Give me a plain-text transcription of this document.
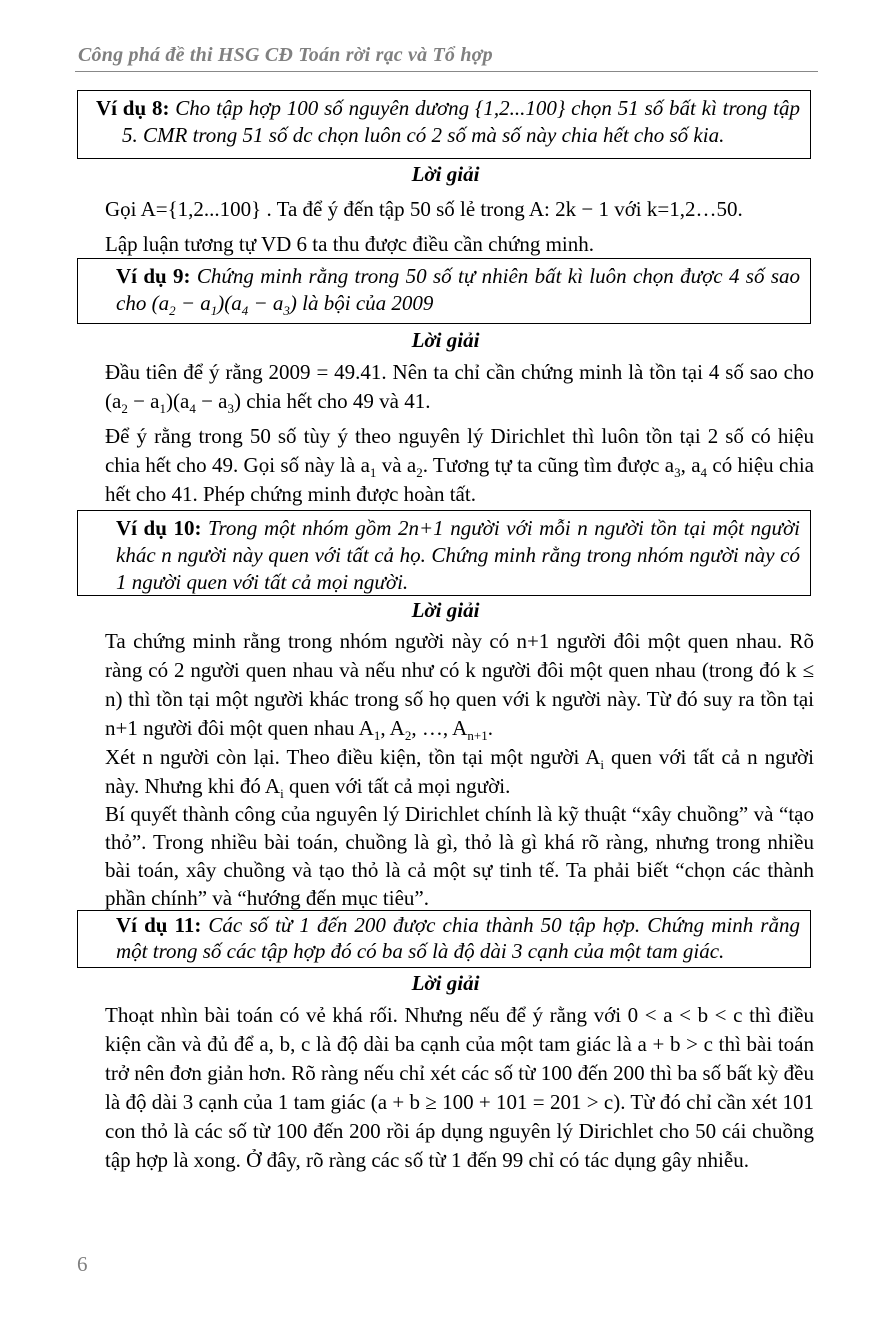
Công phá đề thi HSG CĐ Toán rời rạc và Tổ hợp
Ví dụ 8: Cho tập hợp 100 số nguyên dương {1,2...100} chọn 51 số bất kì trong tập 5. CMR trong 51 số dc chọn luôn có 2 số mà số này chia hết cho số kia.
Lời giải
Gọi A={1,2...100} . Ta để ý đến tập 50 số lẻ trong A: 2k − 1 với k=1,2…50.
Lập luận tương tự VD 6 ta thu được điều cần chứng minh.
Ví dụ 9: Chứng minh rằng trong 50 số tự nhiên bất kì luôn chọn được 4 số sao cho $(a_2 - a_1)(a_4 - a_3)$ là bội của 2009
Lời giải
Đầu tiên để ý rằng 2009 = 49.41. Nên ta chỉ cần chứng minh là tồn tại 4 số sao cho $(a_2 - a_1)(a_4 - a_3)$ chia hết cho 49 và 41.
Để ý rằng trong 50 số tùy ý theo nguyên lý Dirichlet thì luôn tồn tại 2 số có hiệu chia hết cho 49. Gọi số này là $a_1$ và $a_2$. Tương tự ta cũng tìm được $a_3$, $a_4$ có hiệu chia hết cho 41. Phép chứng minh được hoàn tất.
Ví dụ 10: Trong một nhóm gồm 2n+1 người với mỗi n người tồn tại một người khác n người này quen với tất cả họ. Chứng minh rằng trong nhóm người này có 1 người quen với tất cả mọi người.
Lời giải
Ta chứng minh rằng trong nhóm người này có n+1 người đôi một quen nhau. Rõ ràng có 2 người quen nhau và nếu như có k người đôi một quen nhau (trong đó k ≤ n) thì tồn tại một người khác trong số họ quen với k người này. Từ đó suy ra tồn tại n+1 người đôi một quen nhau $A_1$, $A_2$, …, $A_{n+1}$.
Xét n người còn lại. Theo điều kiện, tồn tại một người $A_i$ quen với tất cả n người này. Nhưng khi đó $A_i$ quen với tất cả mọi người.
Bí quyết thành công của nguyên lý Dirichlet chính là kỹ thuật “xây chuồng” và “tạo thỏ”. Trong nhiều bài toán, chuồng là gì, thỏ là gì khá rõ ràng, nhưng trong nhiều bài toán, xây chuồng và tạo thỏ là cả một sự tinh tế. Ta phải biết “chọn các thành phần chính” và “hướng đến mục tiêu”.
Ví dụ 11: Các số từ 1 đến 200 được chia thành 50 tập hợp. Chứng minh rằng một trong số các tập hợp đó có ba số là độ dài 3 cạnh của một tam giác.
Lời giải
Thoạt nhìn bài toán có vẻ khá rối. Nhưng nếu để ý rằng với 0 < a < b < c thì điều kiện cần và đủ để a, b, c là độ dài ba cạnh của một tam giác là a + b > c thì bài toán trở nên đơn giản hơn. Rõ ràng nếu chỉ xét các số từ 100 đến 200 thì ba số bất kỳ đều là độ dài 3 cạnh của 1 tam giác (a + b ≥ 100 + 101 = 201 > c). Từ đó chỉ cần xét 101 con thỏ là các số từ 100 đến 200 rồi áp dụng nguyên lý Dirichlet cho 50 cái chuồng tập hợp là xong. Ở đây, rõ ràng các số từ 1 đến 99 chỉ có tác dụng gây nhiễu.
6
